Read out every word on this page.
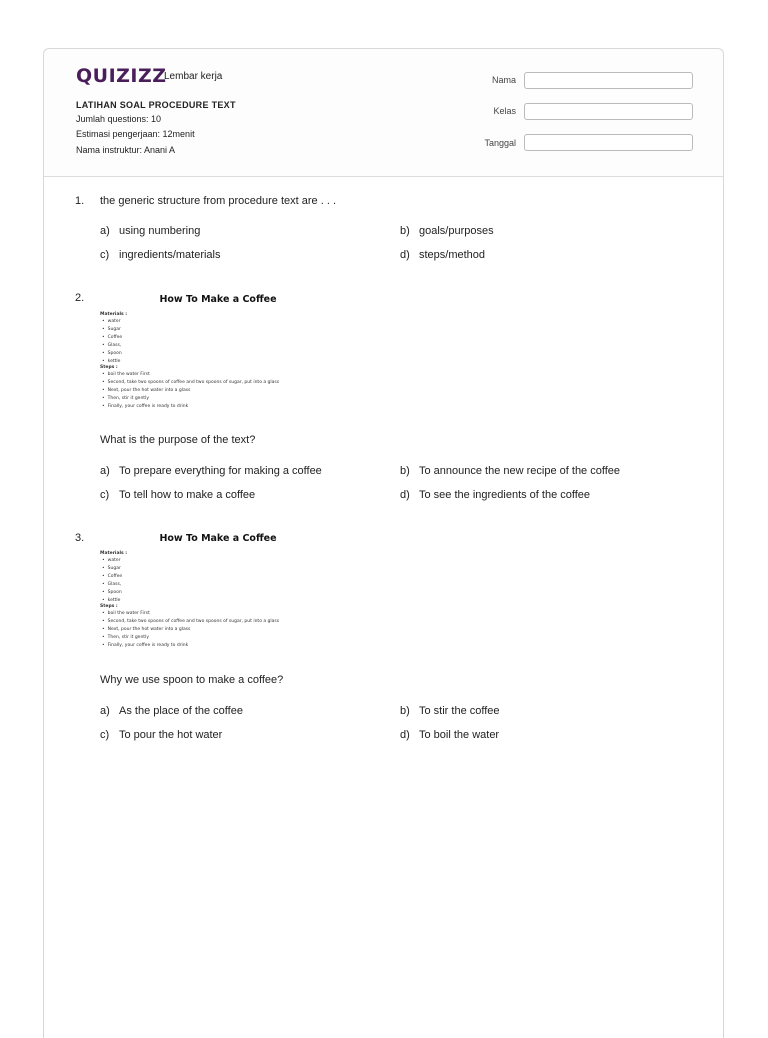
QUIZIZZ
Lembar kerja
LATIHAN SOAL PROCEDURE TEXT
Jumlah questions: 10
Estimasi pengerjaan: 12menit
Nama instruktur: Anani A
Nama
Kelas
Tanggal
1. the generic structure from procedure text are . . .
a) using numbering	b) goals/purposes
c) ingredients/materials	d) steps/method
2.	How To Make a Coffee
Materials :
• water
• Sugar
• Coffee
• Glass,
• Spoon
• kettle
Steps :
• boil the water First
• Second, take two spoons of coffee and two spoons of sugar, put into a glass
• Next, pour the hot water into a glass
• Then, stir it gently
• Finally, your coffee is ready to drink
What is the purpose of the text?
a) To prepare everything for making a coffee	b) To announce the new recipe of the coffee
c) To tell how to make a coffee	d) To see the ingredients of the coffee
3.	How To Make a Coffee
Materials :
• water
• Sugar
• Coffee
• Glass,
• Spoon
• kettle
Steps :
• boil the water First
• Second, take two spoons of coffee and two spoons of sugar, put into a glass
• Next, pour the hot water into a glass
• Then, stir it gently
• Finally, your coffee is ready to drink
Why we use spoon to make a coffee?
a) As the place of the coffee	b) To stir the coffee
c) To pour the hot water	d) To boil the water
